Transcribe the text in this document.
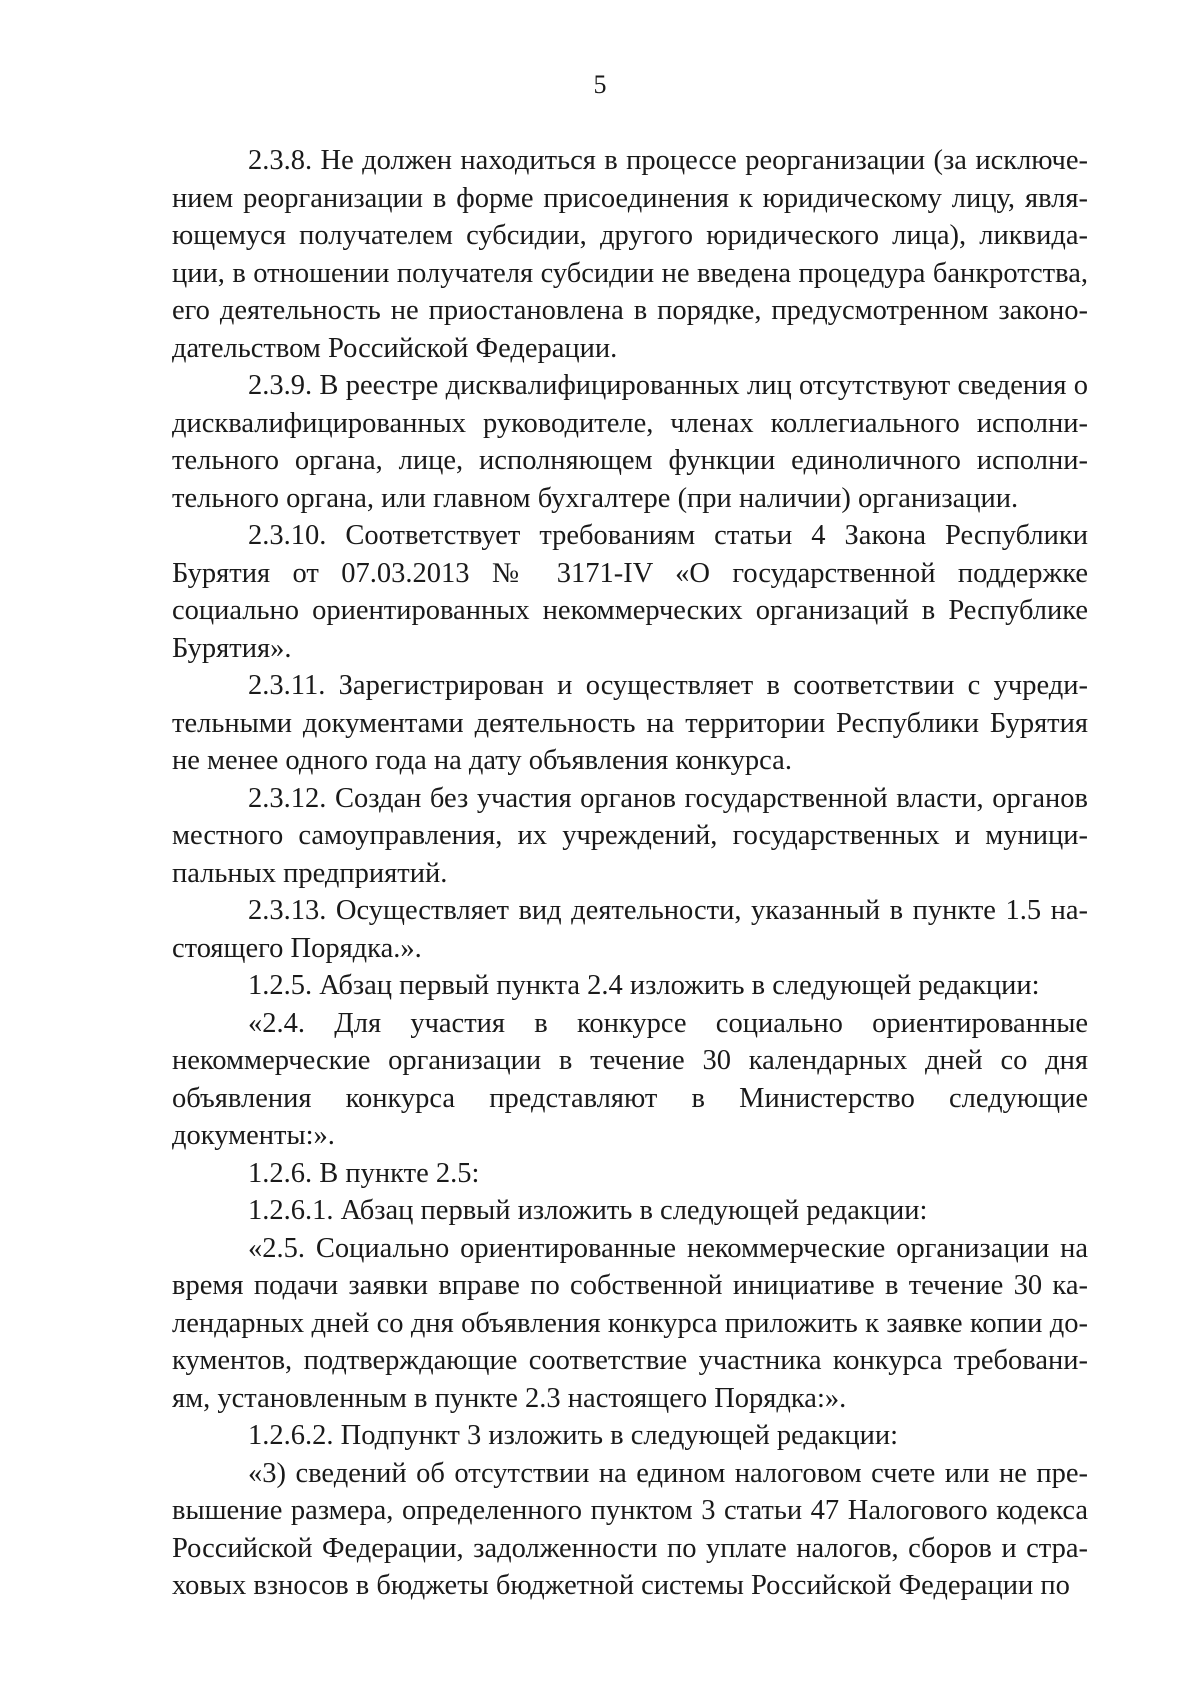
5

2.3.8. Не должен находиться в процессе реорганизации (за исключением реорганизации в форме присоединения к юридическому лицу, являющемуся получателем субсидии, другого юридического лица), ликвидации, в отношении получателя субсидии не введена процедура банкротства, его деятельность не приостановлена в порядке, предусмотренном законодательством Российской Федерации.

2.3.9. В реестре дисквалифицированных лиц отсутствуют сведения о дисквалифицированных руководителе, членах коллегиального исполнительного органа, лице, исполняющем функции единоличного исполнительного органа, или главном бухгалтере (при наличии) организации.

2.3.10. Соответствует требованиям статьи 4 Закона Республики Бурятия от 07.03.2013 № 3171-IV «О государственной поддержке социально ориентированных некоммерческих организаций в Республике Бурятия».

2.3.11. Зарегистрирован и осуществляет в соответствии с учредительными документами деятельность на территории Республики Бурятия не менее одного года на дату объявления конкурса.

2.3.12. Создан без участия органов государственной власти, органов местного самоуправления, их учреждений, государственных и муниципальных предприятий.

2.3.13. Осуществляет вид деятельности, указанный в пункте 1.5 настоящего Порядка.».

1.2.5. Абзац первый пункта 2.4 изложить в следующей редакции:

«2.4. Для участия в конкурсе социально ориентированные некоммерческие организации в течение 30 календарных дней со дня объявления конкурса представляют в Министерство следующие документы:».

1.2.6. В пункте 2.5:

1.2.6.1. Абзац первый изложить в следующей редакции:

«2.5. Социально ориентированные некоммерческие организации на время подачи заявки вправе по собственной инициативе в течение 30 календарных дней со дня объявления конкурса приложить к заявке копии документов, подтверждающие соответствие участника конкурса требованиям, установленным в пункте 2.3 настоящего Порядка:».

1.2.6.2. Подпункт 3 изложить в следующей редакции:

«3) сведений об отсутствии на едином налоговом счете или не превышение размера, определенного пунктом 3 статьи 47 Налогового кодекса Российской Федерации, задолженности по уплате налогов, сборов и страховых взносов в бюджеты бюджетной системы Российской Федерации по
